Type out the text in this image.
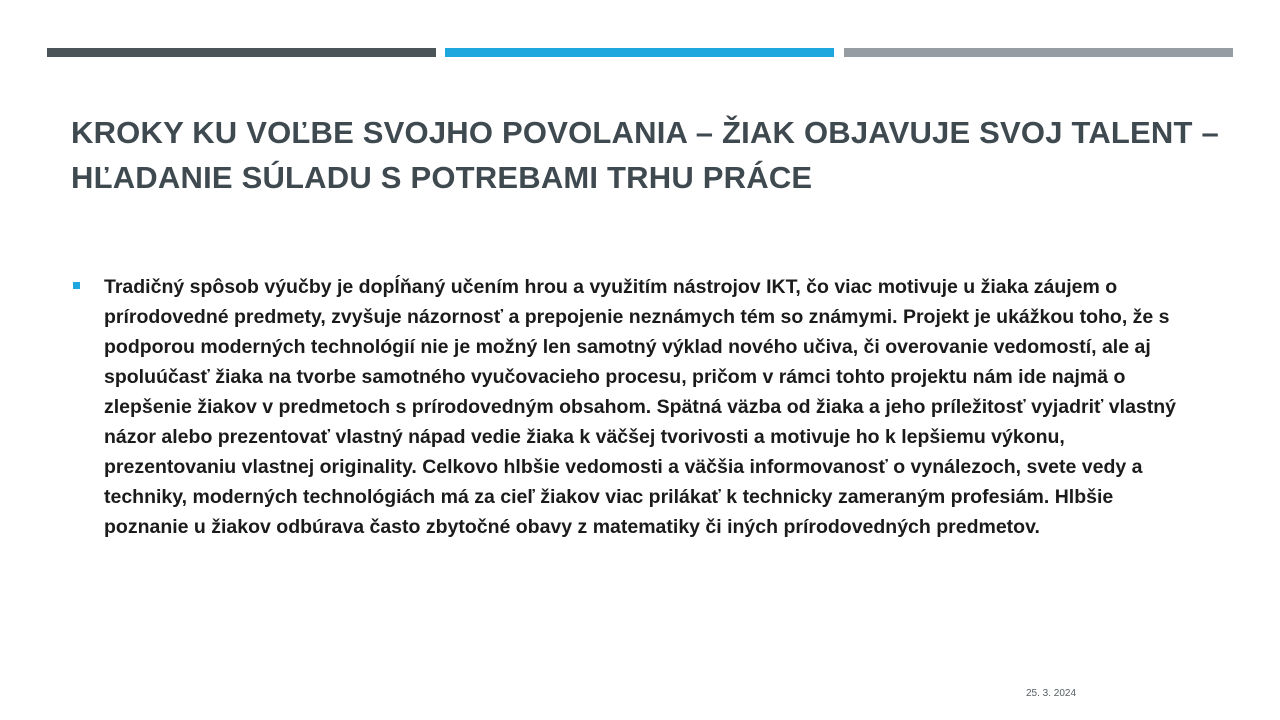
KROKY KU VOĽBE SVOJHO POVOLANIA – ŽIAK OBJAVUJE SVOJ TALENT – HĽADANIE SÚLADU S POTREBAMI TRHU PRÁCE

Tradičný spôsob výučby je dopĺňaný učením hrou a využitím nástrojov IKT, čo viac motivuje u žiaka záujem o prírodovedné predmety, zvyšuje názornosť a prepojenie neznámych tém so známymi. Projekt je ukážkou toho, že s podporou moderných technológií nie je možný len samotný výklad nového učiva, či overovanie vedomostí, ale aj spoluúčasť žiaka na tvorbe samotného vyučovacieho procesu, pričom v rámci tohto projektu nám ide najmä o zlepšenie žiakov v predmetoch s prírodovedným obsahom. Spätná väzba od žiaka a jeho príležitosť vyjadriť vlastný názor alebo prezentovať vlastný nápad vedie žiaka k väčšej tvorivosti a motivuje ho k lepšiemu výkonu, prezentovaniu vlastnej originality. Celkovo hlbšie vedomosti a väčšia informovanosť o vynálezoch, svete vedy a techniky, moderných technológiách má za cieľ žiakov viac prilákať k technicky zameraným profesiám. Hlbšie poznanie u žiakov odbúrava často zbytočné obavy z matematiky či iných prírodovedných predmetov.

25. 3. 2024
